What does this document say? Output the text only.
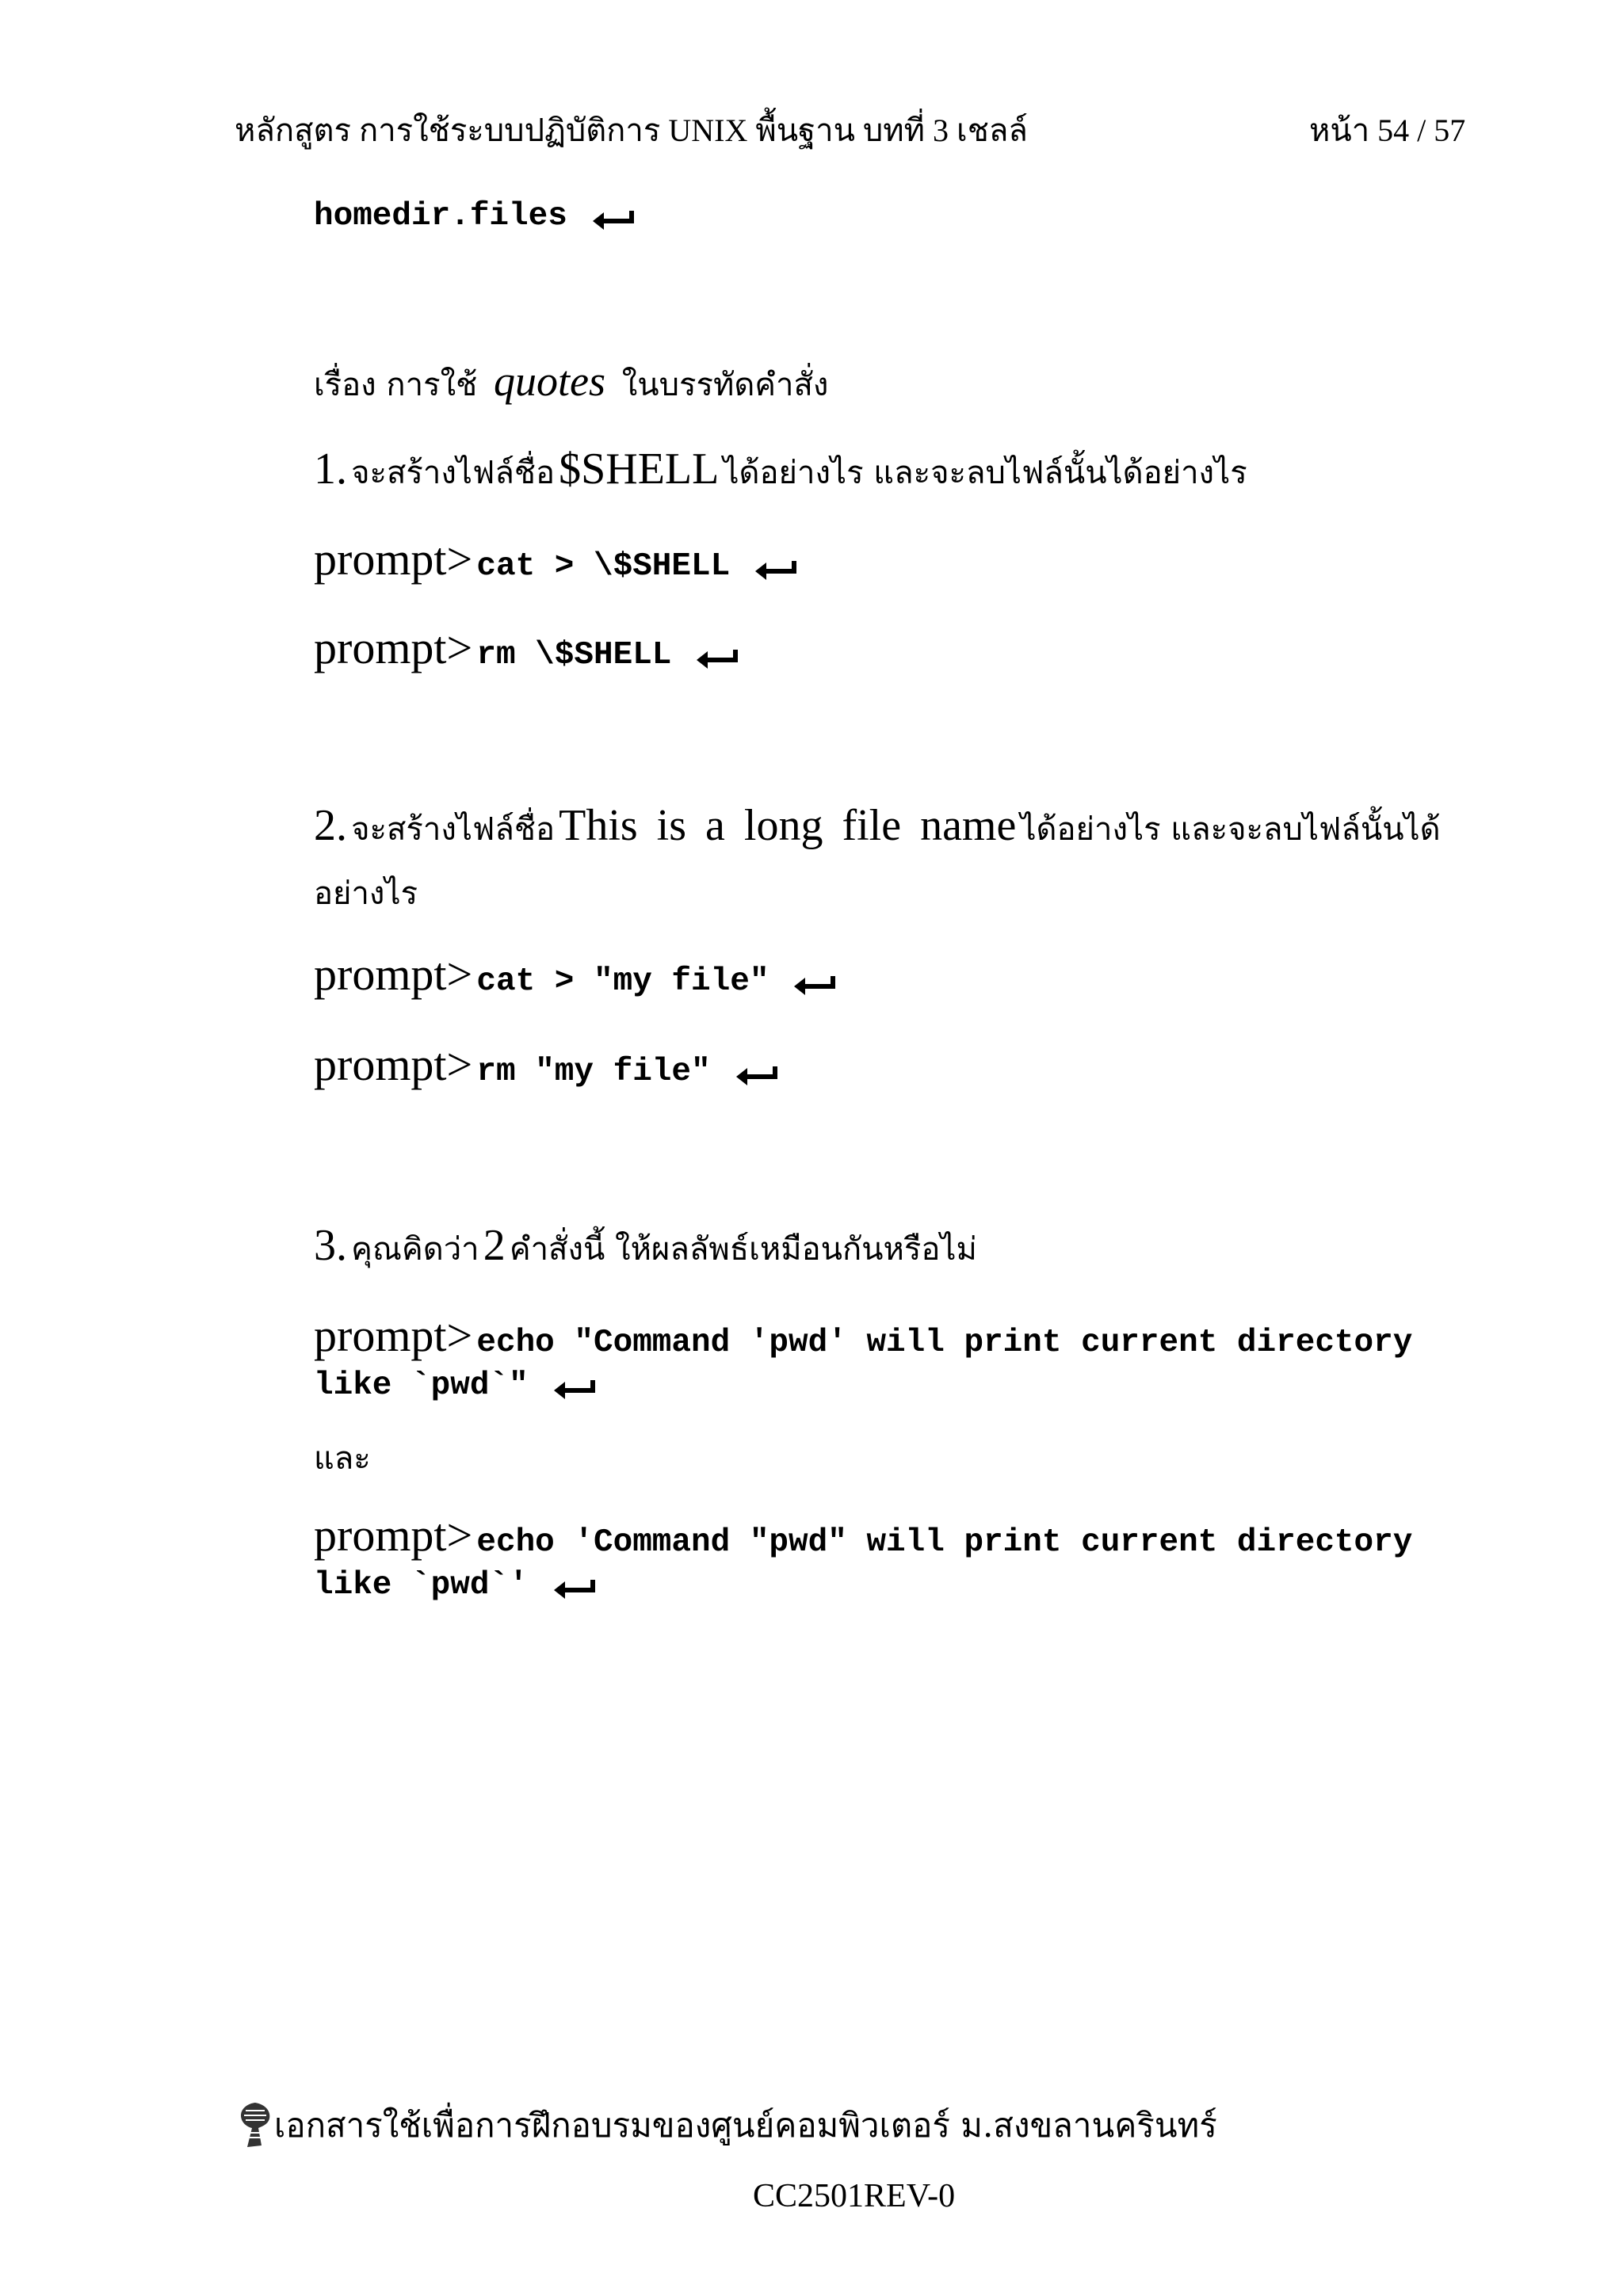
หลักสูตร การใช้ระบบปฏิบัติการ UNIX พื้นฐาน บทที่ 3 เชลล์	หน้า 54 / 57
homedir.files
เรื่อง การใช้ quotes ในบรรทัดคำสั่ง
1. จะสร้างไฟล์ชื่อ $SHELL ได้อย่างไร และจะลบไฟล์นั้นได้อย่างไร
prompt> cat > \$SHELL
prompt> rm \$SHELL
2. จะสร้างไฟล์ชื่อ This is a long file name ได้อย่างไร และจะลบไฟล์นั้นได้
อย่างไร
prompt> cat > "my file"
prompt> rm "my file"
3. คุณคิดว่า 2 คำสั่งนี้ ให้ผลลัพธ์เหมือนกันหรือไม่
prompt> echo "Command 'pwd' will print current directory
like `pwd`"
และ
prompt> echo 'Command "pwd" will print current directory
like `pwd`'
เอกสารใช้เพื่อการฝึกอบรมของศูนย์คอมพิวเตอร์ ม.สงขลานครินทร์
CC2501REV-0
